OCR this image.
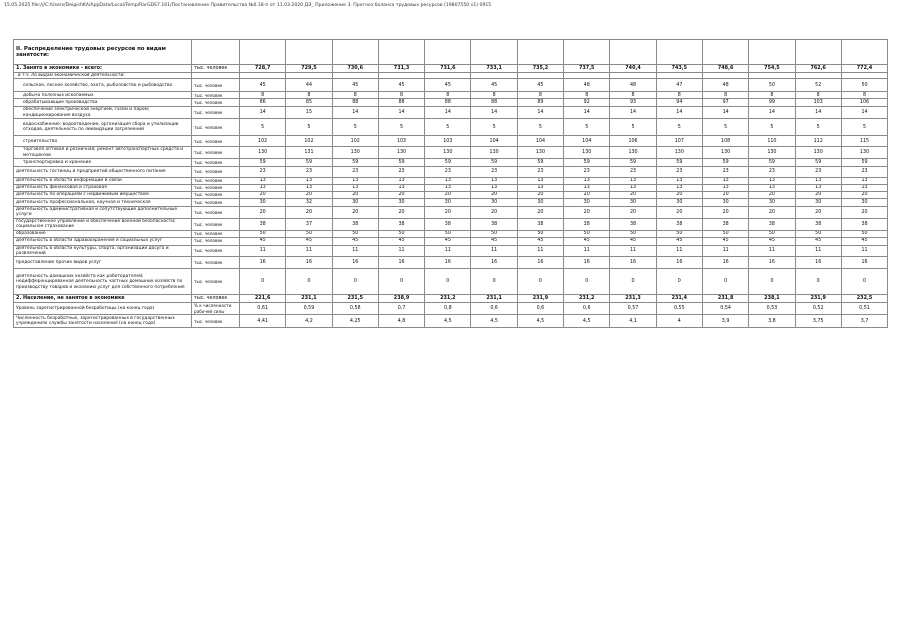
15.05.2025 file:///C:/Users/DeigishKA/AppData/Local/Temp/RarGDS7.161/Постановление Правительства №0.18-п от 11.03.2020 ДЭ_ Приложение 3. Прогноз баланса трудовых ресурсов (19807550 v1) 0915
II. Распределение трудовых ресурсов по видам занятости:															
1. Занято в экономике - всего:	тыс. человек	728,7	729,5	730,6	731,3	731,6	733,1	735,2	737,5	740,4	743,5	748,6	754,5	762,6	772,4
в т.ч. по видам экономической деятельности:															
сельское, лесное хозяйство, охота, рыболовство и рыбоводство	тыс. человек	45	44	45	45	45	45	45	48	48	47	48	50	52	50
добыча полезных ископаемых	тыс. человек	8	8	8	8	8	8	8	8	8	8	8	8	8	8
обрабатывающие производства	тыс. человек	86	85	88	88	88	88	89	92	93	94	97	99	103	106
обеспечение электрической энергией, газом и паром; кондиционирование воздуха	тыс. человек	14	15	14	14	14	14	14	14	14	14	14	14	14	14
водоснабжение; водоотведение, организация сбора и утилизации отходов, деятельность по ликвидации загрязнений	тыс. человек	5	5	5	5	5	5	5	5	5	5	5	5	5	5
строительство	тыс. человек	102	102	102	103	103	104	104	104	106	107	108	110	112	115
торговля оптовая и розничная; ремонт автотранспортных средств и мотоциклов	тыс. человек	130	131	130	130	130	130	130	130	130	130	130	130	130	130
транспортировка и хранение	тыс. человек	59	59	59	59	59	59	59	59	59	59	59	59	59	59
деятельность гостиниц и предприятий общественного питания	тыс. человек	23	23	23	23	23	23	23	23	23	23	23	23	23	23
деятельность в области информации и связи	тыс. человек	13	13	13	13	13	13	13	13	13	13	13	13	13	13
деятельность финансовая и страховая	тыс. человек	13	13	13	13	13	13	13	13	13	13	13	13	13	13
деятельность по операциям с недвижимым имуществом	тыс. человек	20	20	20	20	20	20	20	20	20	20	20	20	20	20
деятельность профессиональная, научная и техническая	тыс. человек	30	32	30	30	30	30	30	30	30	30	30	30	30	30
деятельность административная и сопутствующие дополнительные услуги	тыс. человек	20	20	20	20	20	20	20	20	20	20	20	20	20	20
государственное управление и обеспечение военной безопасности; социальное страхование	тыс. человек	38	37	38	38	38	38	38	38	38	38	38	38	38	38
образование	тыс. человек	50	50	50	50	50	50	50	50	50	50	50	50	50	50
деятельность в области здравоохранения и социальных услуг	тыс. человек	45	45	45	45	45	45	45	45	45	45	45	45	45	45
деятельность в области культуры, спорта, организации досуга и развлечений	тыс. человек	11	11	11	11	11	11	11	11	11	11	11	11	11	11
предоставление прочих видов услуг	тыс. человек	16	16	16	16	16	16	16	16	16	16	16	16	16	16
деятельность домашних хозяйств как работодателей; недифференцированная деятельность частных домашних хозяйств по производству товаров и оказанию услуг для собственного потребления	тыс. человек	0	0	0	0	0	0	0	0	0	0	0	0	0	0
2. Население, не занятое в экономике	тыс. человек	221,6	231,1	231,5	238,9	231,2	231,1	231,9	231,2	231,3	231,4	231,8	238,1	231,9	232,5
Уровень зарегистрированной безработицы (на конец года)	% к численности рабочей силы	0,61	0,59	0,58	0,7	0,8	0,6	0,6	0,6	0,57	0,55	0,54	0,53	0,52	0,51
Численность безработных, зарегистрированных в государственных учреждениях службы занятости населения (на конец года)	тыс. человек	4,41	4,2	4,25	4,8	4,5	4,5	4,5	4,5	4,1	4	3,9	3,8	3,75	3,7
